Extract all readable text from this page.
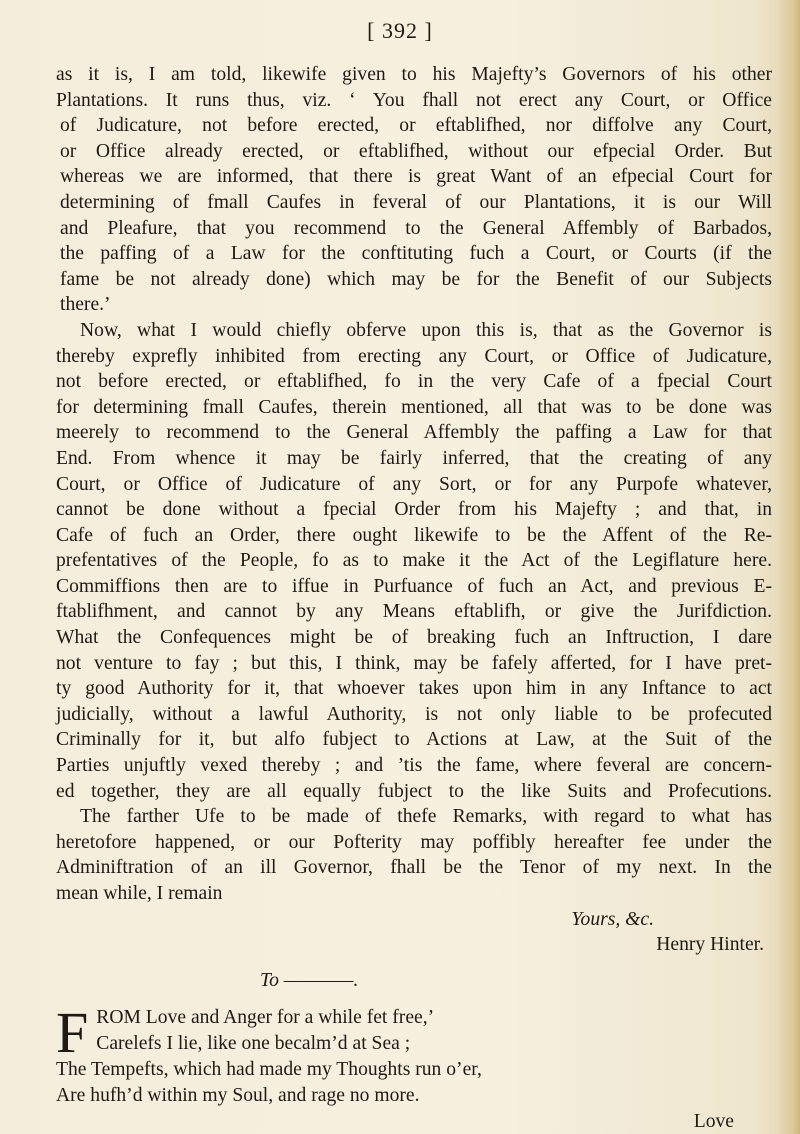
[ 392 ]
as it is, I am told, likewife given to his Majefty’s Governors of his other
Plantations. It runs thus, viz. ‘ You fhall not erect any Court, or Office
of Judicature, not before erected, or eftablifhed, nor diffolve any Court,
or Office already erected, or eftablifhed, without our efpecial Order. But
whereas we are informed, that there is great Want of an efpecial Court for
determining of fmall Caufes in feveral of our Plantations, it is our Will
and Pleafure, that you recommend to the General Affembly of Barbados,
the paffing of a Law for the conftituting fuch a Court, or Courts (if the
fame be not already done) which may be for the Benefit of our Subjects
there.’
Now, what I would chiefly obferve upon this is, that as the Governor is
thereby exprefly inhibited from erecting any Court, or Office of Judicature,
not before erected, or eftablifhed, fo in the very Cafe of a fpecial Court
for determining fmall Caufes, therein mentioned, all that was to be done was
meerely to recommend to the General Affembly the paffing a Law for that
End. From whence it may be fairly inferred, that the creating of any
Court, or Office of Judicature of any Sort, or for any Purpofe whatever,
cannot be done without a fpecial Order from his Majefty ; and that, in
Cafe of fuch an Order, there ought likewife to be the Affent of the Re-
prefentatives of the People, fo as to make it the Act of the Legiflature here.
Commiffions then are to iffue in Purfuance of fuch an Act, and previous E-
ftablifhment, and cannot by any Means eftablifh, or give the Jurifdiction.
What the Confequences might be of breaking fuch an Inftruction, I dare
not venture to fay ; but this, I think, may be fafely afferted, for I have pret-
ty good Authority for it, that whoever takes upon him in any Inftance to act
judicially, without a lawful Authority, is not only liable to be profecuted
Criminally for it, but alfo fubject to Actions at Law, at the Suit of the
Parties unjuftly vexed thereby ; and ’tis the fame, where feveral are concern-
ed together, they are all equally fubject to the like Suits and Profecutions.
The farther Ufe to be made of thefe Remarks, with regard to what has
heretofore happened, or our Pofterity may poffibly hereafter fee under the
Adminiftration of an ill Governor, fhall be the Tenor of my next. In the
mean while, I remain
Yours, &c.
Henry Hinter.
To ————.
F ROM Love and Anger for a while fet free,’
Carelefs I lie, like one becalm’d at Sea ;
The Tempefts, which had made my Thoughts run o’er,
Are hufh’d within my Soul, and rage no more.
Love
